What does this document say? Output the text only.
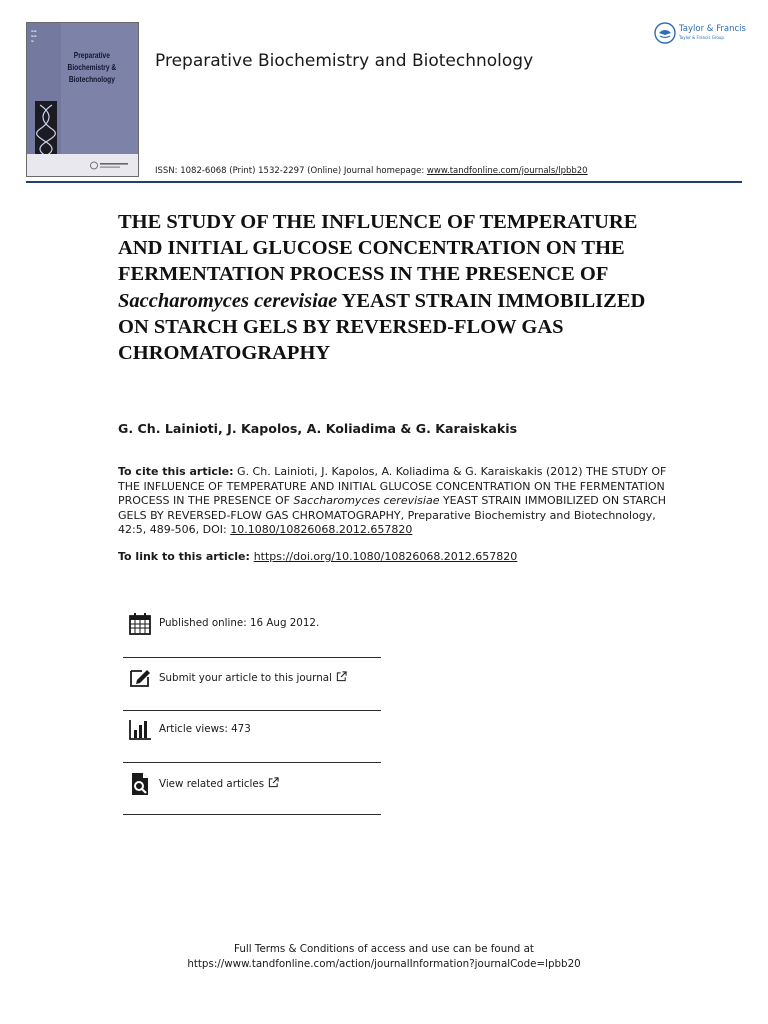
▬▬
▬▬
▬
Preparative Biochemistry & Biotechnology
Preparative Biochemistry and Biotechnology
Taylor & Francis
Taylor & Francis Group
ISSN: 1082-6068 (Print) 1532-2297 (Online) Journal homepage: www.tandfonline.com/journals/lpbb20
THE STUDY OF THE INFLUENCE OF TEMPERATURE AND INITIAL GLUCOSE CONCENTRATION ON THE FERMENTATION PROCESS IN THE PRESENCE OF Saccharomyces cerevisiae YEAST STRAIN IMMOBILIZED ON STARCH GELS BY REVERSED-FLOW GAS CHROMATOGRAPHY
G. Ch. Lainioti, J. Kapolos, A. Koliadima & G. Karaiskakis

To cite this article: G. Ch. Lainioti, J. Kapolos, A. Koliadima & G. Karaiskakis (2012) THE STUDY OF THE INFLUENCE OF TEMPERATURE AND INITIAL GLUCOSE CONCENTRATION ON THE FERMENTATION PROCESS IN THE PRESENCE OF Saccharomyces cerevisiae YEAST STRAIN IMMOBILIZED ON STARCH GELS BY REVERSED-FLOW GAS CHROMATOGRAPHY, Preparative Biochemistry and Biotechnology, 42:5, 489-506, DOI: 10.1080/10826068.2012.657820

To link to this article: https://doi.org/10.1080/10826068.2012.657820
Published online: 16 Aug 2012.
Submit your article to this journal
Article views: 473
View related articles
Full Terms & Conditions of access and use can be found at
https://www.tandfonline.com/action/journalInformation?journalCode=lpbb20
